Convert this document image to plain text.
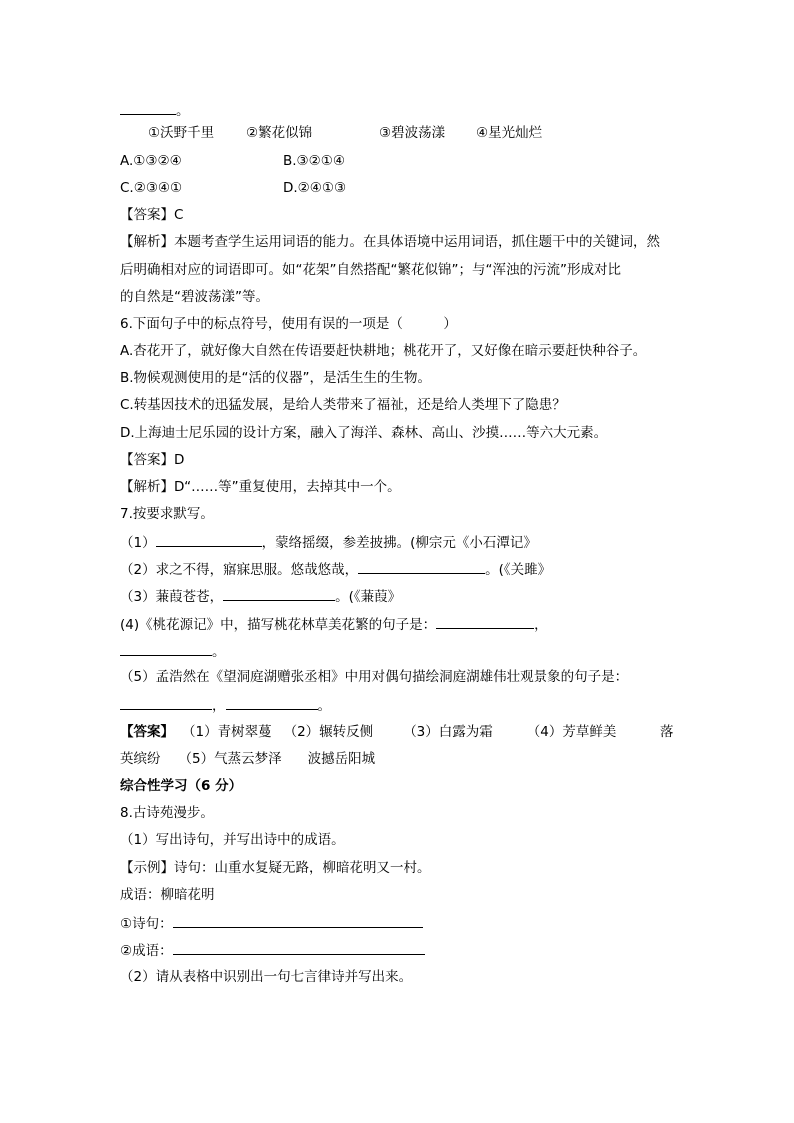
。
①沃野千里 ②繁花似锦	③碧波荡漾 ④星光灿烂
A.①③②④	B.③②①④
C.②③④①	D.②④①③
【答案】C
【解析】本题考查学生运用词语的能力。在具体语境中运用词语，抓住题干中的关键词，然
后明确相对应的词语即可。如“花架”自然搭配“繁花似锦”；与“浑浊的污流”形成对比
的自然是“碧波荡漾”等。
6.下面句子中的标点符号，使用有误的一项是（　　　）
A.杏花开了，就好像大自然在传语要赶快耕地；桃花开了，又好像在暗示要赶快种谷子。
B.物候观测使用的是“活的仪器”，是活生生的生物。
C.转基因技术的迅猛发展，是给人类带来了福祉，还是给人类埋下了隐患？
D.上海迪士尼乐园的设计方案，融入了海洋、森林、高山、沙摸……等六大元素。
【答案】D
【解析】D“……等”重复使用，去掉其中一个。
7.按要求默写。
（1）	，蒙络摇缀，参差披拂。(柳宗元《小石潭记》
（2）求之不得，寤寐思服。悠哉悠哉，	。(《关雎》
（3）蒹葭苍苍，	。(《蒹葭》
(4)《桃花源记》中，描写桃花林草美花繁的句子是：	，
。
（5）孟浩然在《望洞庭湖赠张丞相》中用对偶句描绘洞庭湖雄伟壮观景象的句子是：
，	。
【答案】 （1）青树翠蔓 （2）辗转反侧 （3）白露为霜	（4）芳草鲜美	落
英缤纷 （5）气蒸云梦泽 波撼岳阳城
综合性学习（6 分）
8.古诗苑漫步。
（1）写出诗句，并写出诗中的成语。
【示例】诗句：山重水复疑无路，柳暗花明又一村。
成语：柳暗花明
①诗句：
②成语：
（2）请从表格中识别出一句七言律诗并写出来。
